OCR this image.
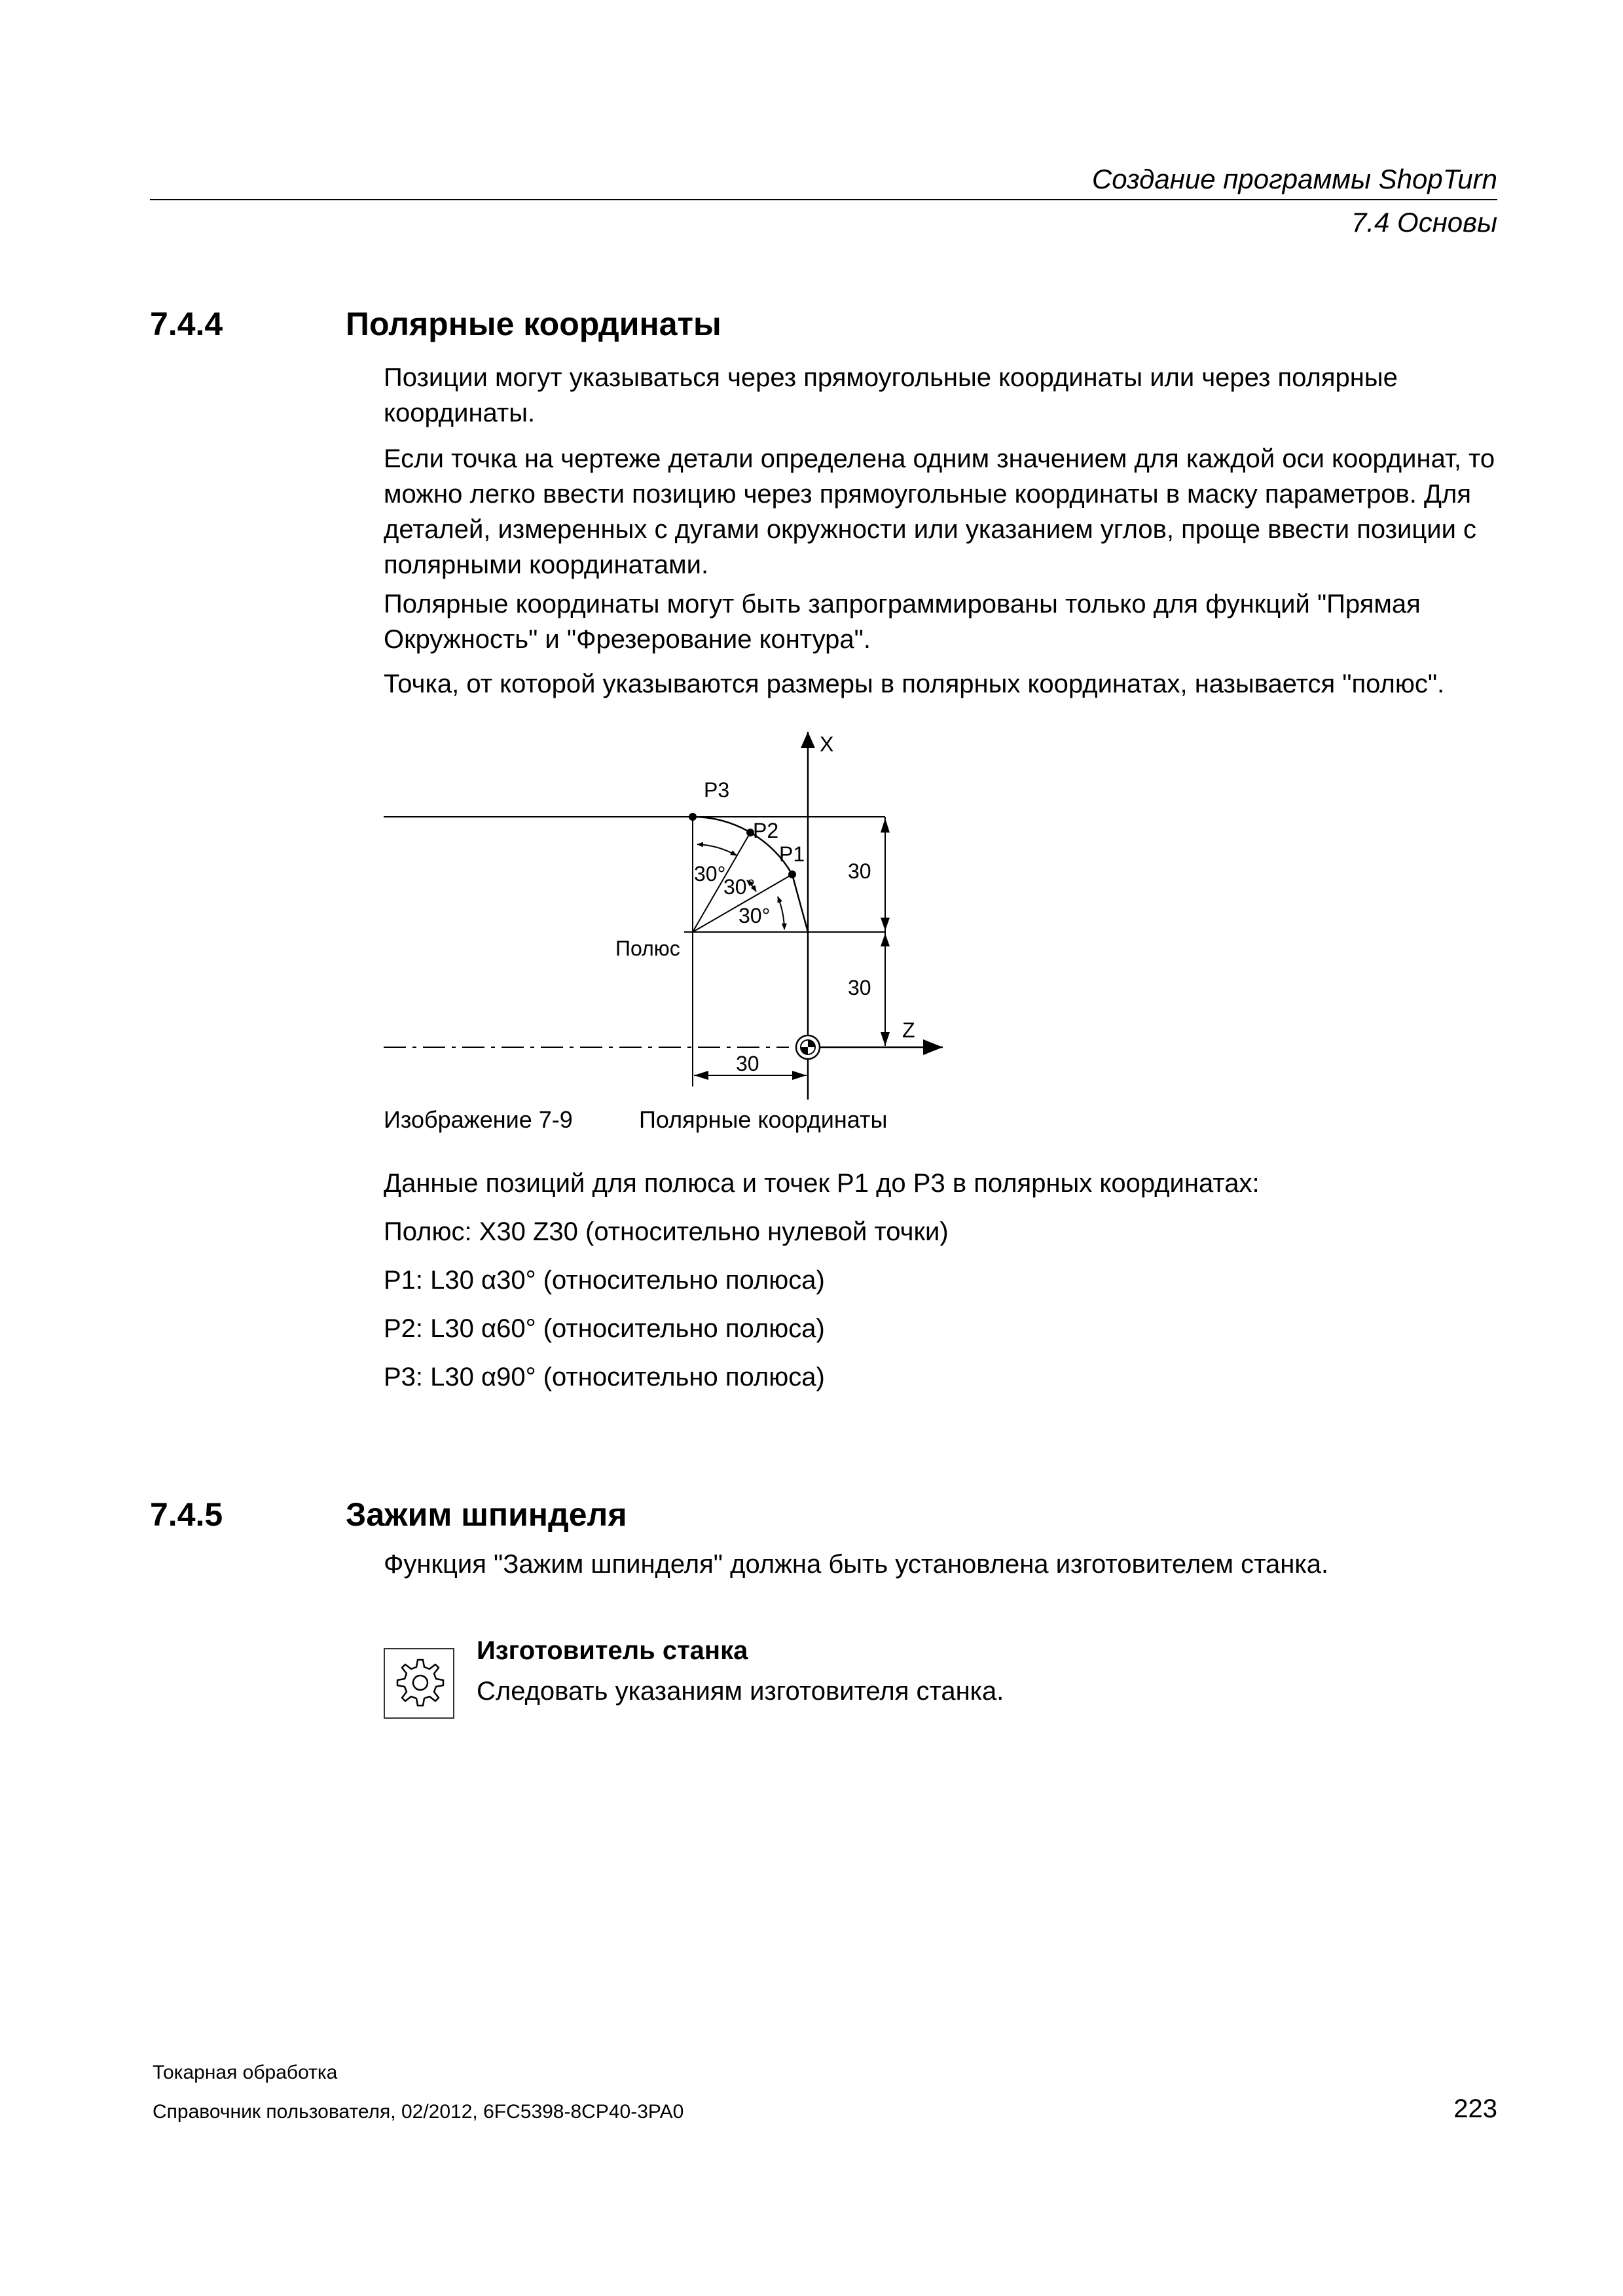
Создание программы ShopTurn
7.4 Основы
7.4.4	Полярные координаты
Позиции могут указываться через прямоугольные координаты или через полярные координаты.
Если точка на чертеже детали определена одним значением для каждой оси координат, то можно легко ввести позицию через прямоугольные координаты в маску параметров. Для деталей, измеренных с дугами окружности или указанием углов, проще ввести позиции с полярными координатами.
Полярные координаты могут быть запрограммированы только для функций "Прямая Окружность" и "Фрезерование контура".
Точка, от которой указываются размеры в полярных координатах, называется "полюс".
X
Z
P3
P2
P1
Полюс
30°
30°
30°
30
30
30
Изображение 7-9	Полярные координаты
Данные позиций для полюса и точек P1 до P3 в полярных координатах:
Полюс: X30 Z30 (относительно нулевой точки)
P1: L30 α30° (относительно полюса)
P2: L30 α60° (относительно полюса)
P3: L30 α90° (относительно полюса)
7.4.5	Зажим шпинделя
Функция "Зажим шпинделя" должна быть установлена изготовителем станка.
Изготовитель станка
Следовать указаниям изготовителя станка.
Токарная обработка
Справочник пользователя, 02/2012, 6FC5398-8CP40-3PA0	223
